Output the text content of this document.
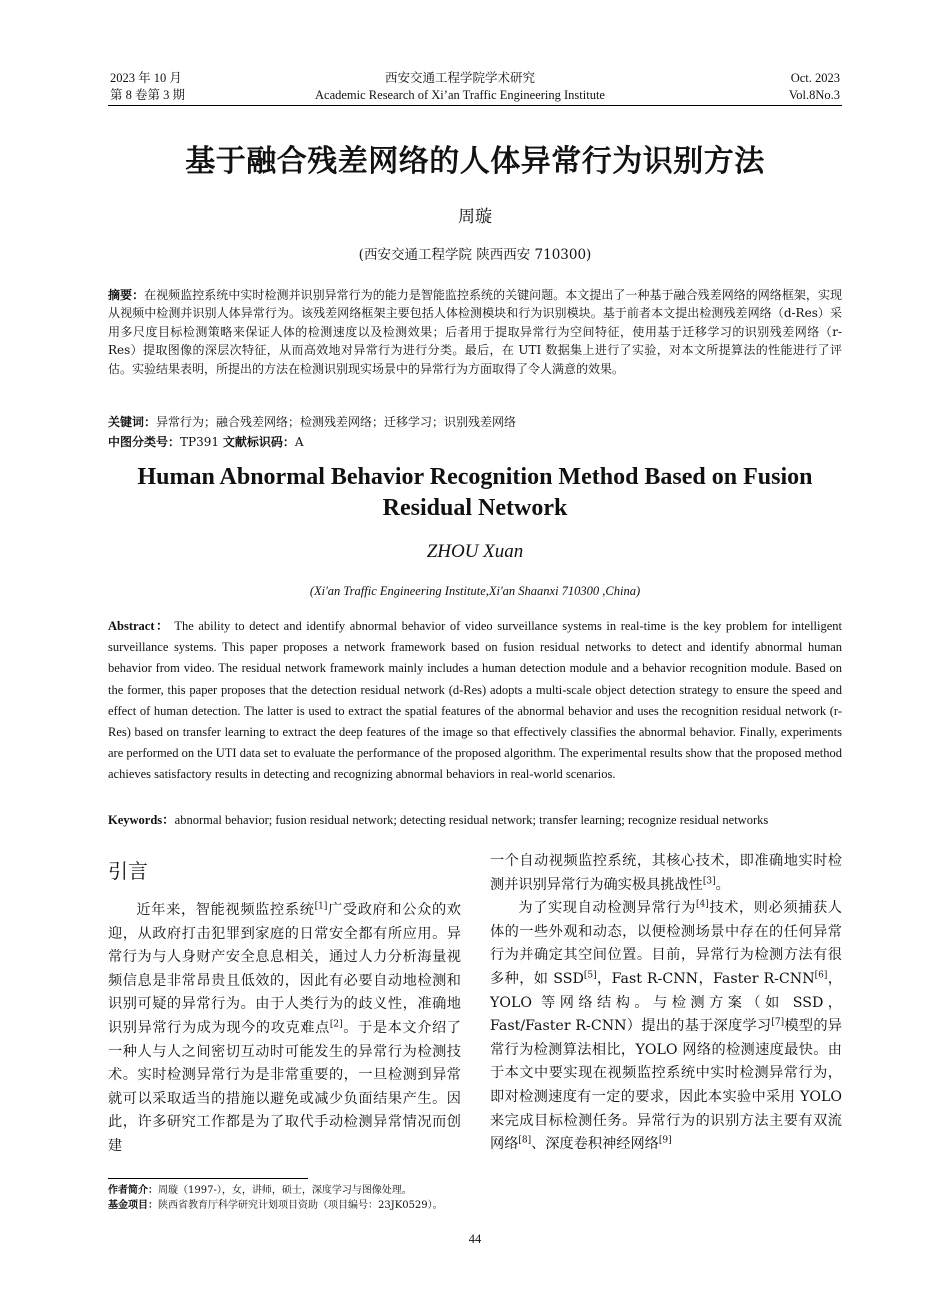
2023 年 10 月
第 8 卷第 3 期
西安交通工程学院学术研究
Academic Research of Xi’an Traffic Engineering Institute
Oct. 2023
Vol.8No.3
基于融合残差网络的人体异常行为识别方法
周璇
(西安交通工程学院 陕西西安 710300)
摘要：在视频监控系统中实时检测并识别异常行为的能力是智能监控系统的关键问题。本文提出了一种基于融合残差网络的网络框架，实现从视频中检测并识别人体异常行为。该残差网络框架主要包括人体检测模块和行为识别模块。基于前者本文提出检测残差网络（d-Res）采用多尺度目标检测策略来保证人体的检测速度以及检测效果；后者用于提取异常行为空间特征，使用基于迁移学习的识别残差网络（r-Res）提取图像的深层次特征，从而高效地对异常行为进行分类。最后，在 UTI 数据集上进行了实验，对本文所提算法的性能进行了评估。实验结果表明，所提出的方法在检测识别现实场景中的异常行为方面取得了令人满意的效果。
关键词：异常行为；融合残差网络；检测残差网络；迁移学习；识别残差网络
中图分类号：TP391 文献标识码：A
Human Abnormal Behavior Recognition Method Based on Fusion Residual Network
ZHOU Xuan
(Xi'an Traffic Engineering Institute,Xi'an Shaanxi 710300 ,China)
Abstract： The ability to detect and identify abnormal behavior of video surveillance systems in real-time is the key problem for intelligent surveillance systems. This paper proposes a network framework based on fusion residual networks to detect and identify abnormal human behavior from video. The residual network framework mainly includes a human detection module and a behavior recognition module. Based on the former, this paper proposes that the detection residual network (d-Res) adopts a multi-scale object detection strategy to ensure the speed and effect of human detection. The latter is used to extract the spatial features of the abnormal behavior and uses the recognition residual network (r-Res) based on transfer learning to extract the deep features of the image so that effectively classifies the abnormal behavior. Finally, experiments are performed on the UTI data set to evaluate the performance of the proposed algorithm. The experimental results show that the proposed method achieves satisfactory results in detecting and recognizing abnormal behaviors in real-world scenarios.
Keywords：abnormal behavior; fusion residual network; detecting residual network; transfer learning; recognize residual networks
引言

近年来，智能视频监控系统[1]广受政府和公众的欢迎，从政府打击犯罪到家庭的日常安全都有所应用。异常行为与人身财产安全息息相关，通过人力分析海量视频信息是非常昂贵且低效的，因此有必要自动地检测和识别可疑的异常行为。由于人类行为的歧义性，准确地识别异常行为成为现今的攻克难点[2]。于是本文介绍了一种人与人之间密切互动时可能发生的异常行为检测技术。实时检测异常行为是非常重要的，一旦检测到异常就可以采取适当的措施以避免或减少负面结果产生。因此，许多研究工作都是为了取代手动检测异常情况而创建

一个自动视频监控系统，其核心技术，即准确地实时检测并识别异常行为确实极具挑战性[3]。

为了实现自动检测异常行为[4]技术，则必须捕获人体的一些外观和动态，以便检测场景中存在的任何异常行为并确定其空间位置。目前，异常行为检测方法有很多种，如 SSD[5]，Fast R-CNN，Faster R-CNN[6]，YOLO 等网络结构。与检测方案（如 SSD，Fast/Faster R-CNN）提出的基于深度学习[7]模型的异常行为检测算法相比，YOLO 网络的检测速度最快。由于本文中要实现在视频监控系统中实时检测异常行为，即对检测速度有一定的要求，因此本实验中采用 YOLO 来完成目标检测任务。异常行为的识别方法主要有双流网络[8]、深度卷积神经网络[9]

作者简介：周璇（1997-），女，讲师，硕士，深度学习与图像处理。
基金项目：陕西省教育厅科学研究计划项目资助（项目编号：23JK0529）。
44
